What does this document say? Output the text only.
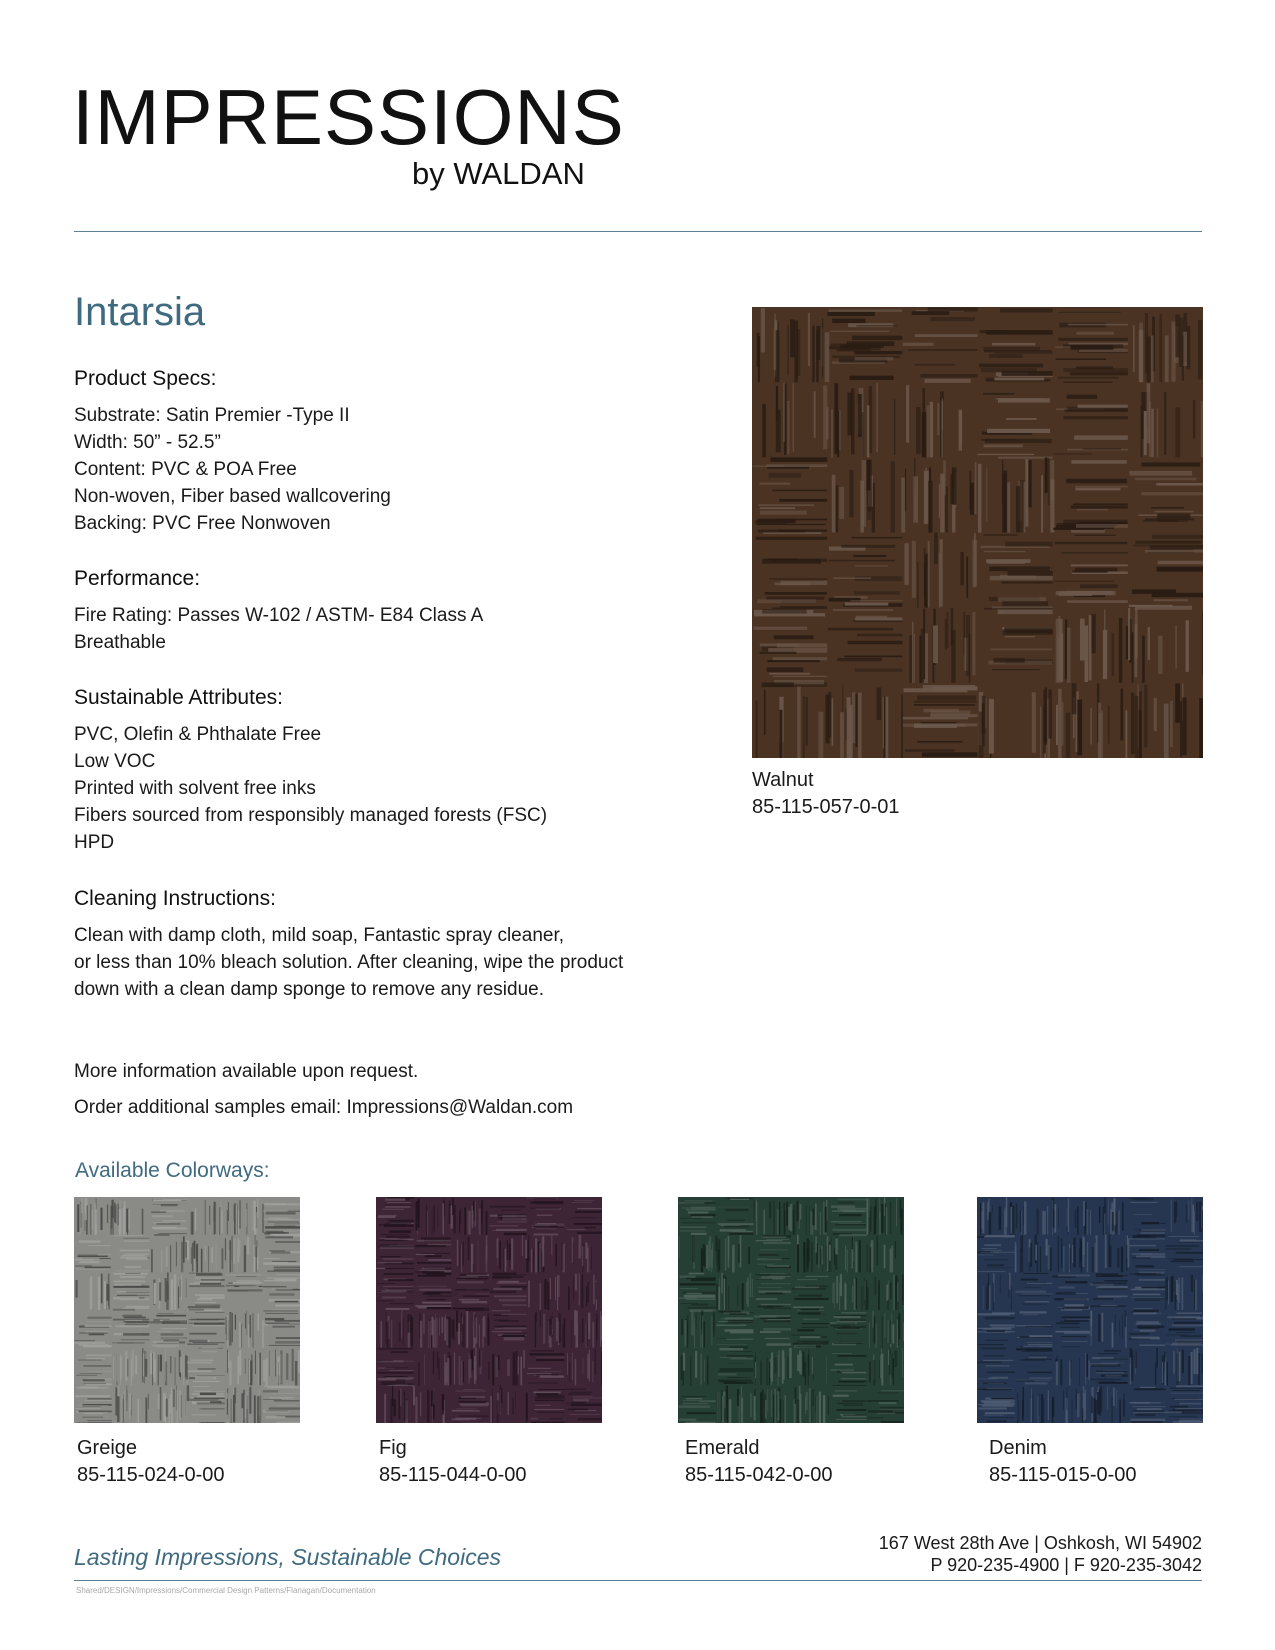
IMPRESSIONS
by WALDAN
Intarsia
Product Specs:
Substrate: Satin Premier -Type II
Width: 50” - 52.5”
Content: PVC & POA Free
Non-woven, Fiber based wallcovering
Backing: PVC Free Nonwoven
Performance:
Fire Rating: Passes W-102 / ASTM- E84 Class A
Breathable
Sustainable Attributes:
PVC, Olefin & Phthalate Free
Low VOC
Printed with solvent free inks
Fibers sourced from responsibly managed forests (FSC)
HPD
Cleaning Instructions:
Clean with damp cloth, mild soap, Fantastic spray cleaner,
or less than 10% bleach solution. After cleaning, wipe the product
down with a clean damp sponge to remove any residue.
More information available upon request.
Order additional samples email: Impressions@Waldan.com
Walnut
85-115-057-0-01
Available Colorways:
Greige
85-115-024-0-00
Fig
85-115-044-0-00
Emerald
85-115-042-0-00
Denim
85-115-015-0-00
Lasting Impressions, Sustainable Choices
167 West 28th Ave | Oshkosh, WI 54902
P 920-235-4900 | F 920-235-3042
Shared/DESIGN/Impressions/Commercial Design Patterns/Flanagan/Documentation
